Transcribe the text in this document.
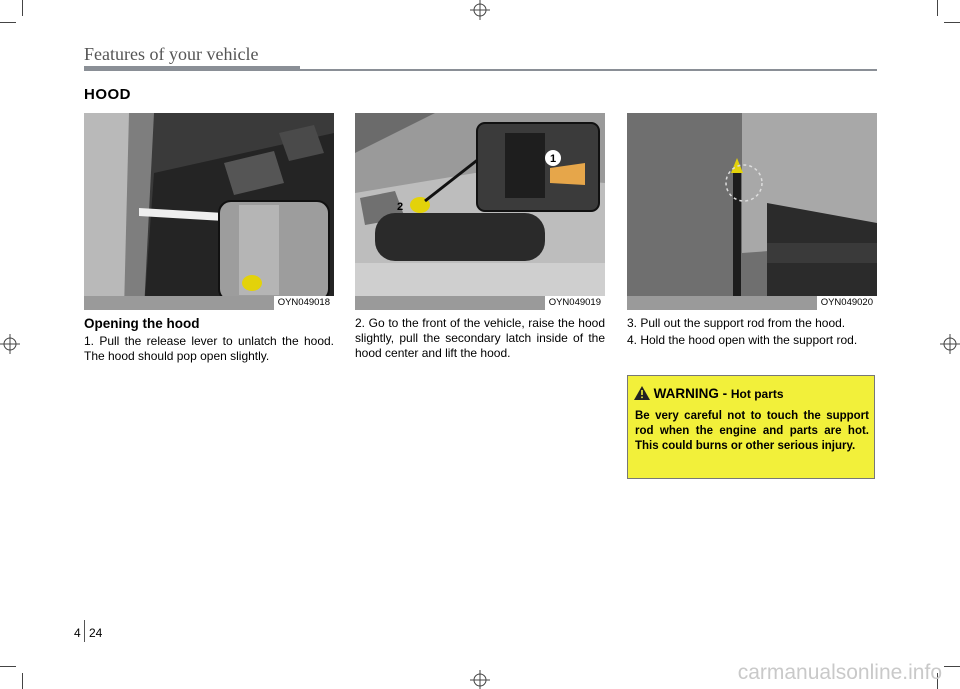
Features of your vehicle
HOOD
OYN049018
2
1
OYN049019	OYN049020
Opening the hood
1. Pull the release lever to unlatch the hood. The hood should pop open slightly.
2. Go to the front of the vehicle, raise the hood slightly, pull the secondary latch inside of the hood center and lift the hood.
3. Pull out the support rod from the hood.
4. Hold the hood open with the support rod.
WARNING - Hot parts
Be very careful not to touch the support rod when the engine and parts are hot. This could burns or other serious injury.
4 24
carmanualsonline.info
